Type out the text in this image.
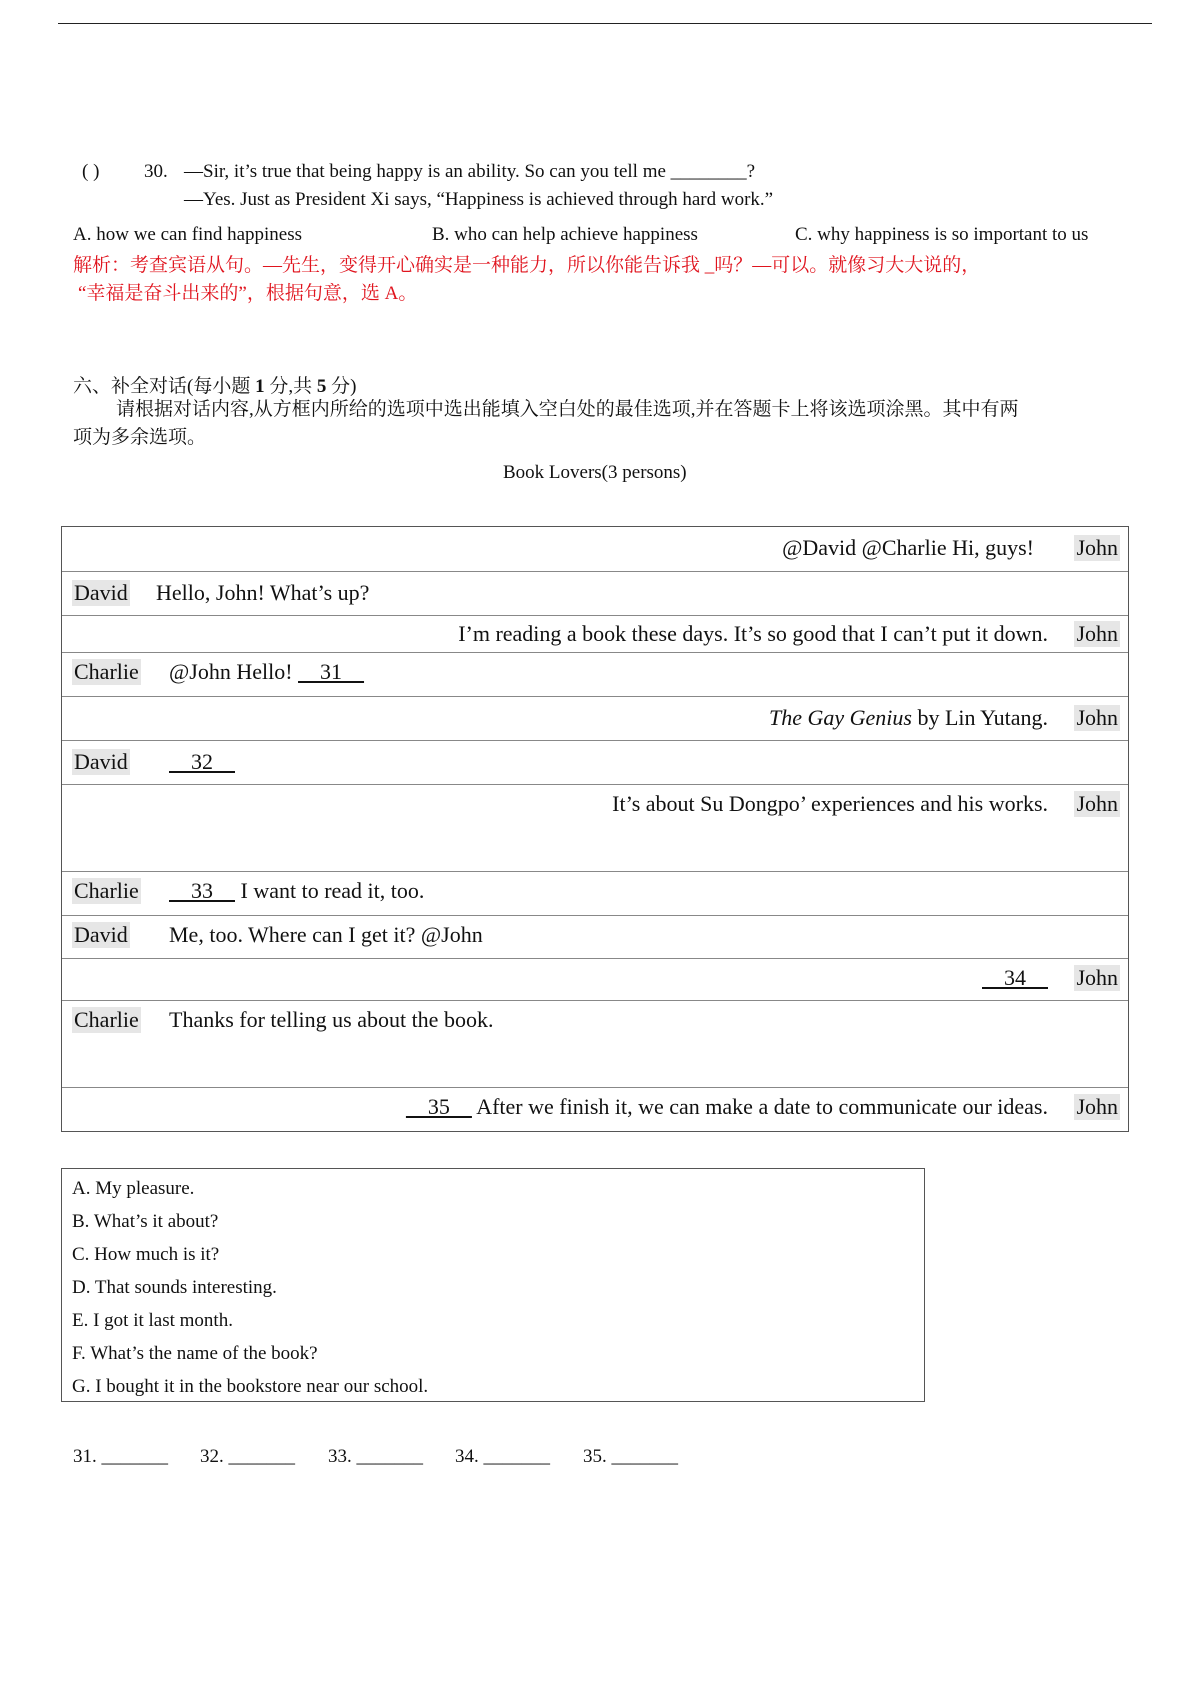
( ) 30. —Sir, it’s true that being happy is an ability. So can you tell me ________?
—Yes. Just as President Xi says, “Happiness is achieved through hard work.”
A. how we can find happiness	B. who can help achieve happiness	C. why happiness is so important to us
解析：考查宾语从句。—先生，变得开心确实是一种能力，所以你能告诉我 _吗？—可以。就像习大大说的，
“幸福是奋斗出来的”，根据句意，选 A。
六、补全对话(每小题 1 分,共 5 分)
请根据对话内容,从方框内所给的选项中选出能填入空白处的最佳选项,并在答题卡上将该选项涂黑。其中有两
项为多余选项。
Book Lovers(3 persons)
@David @Charlie Hi, guys! John
David Hello, John! What’s up?
I’m reading a book these days. It’s so good that I can’t put it down. John
Charlie @John Hello!     31
The Gay Genius by Lin Yutang. John
David 32
It’s about Su Dongpo’ experiences and his works. John
Charlie 33     I want to read it, too.
David Me, too. Where can I get it? @John
34 John
Charlie Thanks for telling us about the book.
35     After we finish it, we can make a date to communicate our ideas. John
A. My pleasure.
B. What’s it about?
C. How much is it?
D. That sounds interesting.
E. I got it last month.
F. What’s the name of the book?
G. I bought it in the bookstore near our school.
31. _______ 32. _______ 33. _______ 34. _______ 35. _______
